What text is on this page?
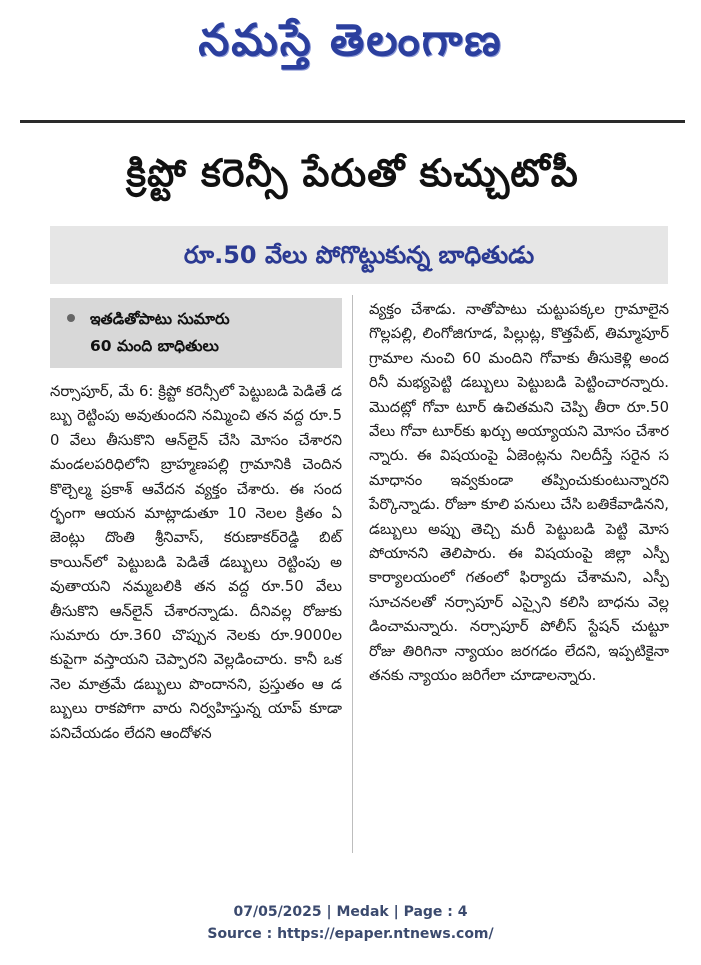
నమస్తే తెలంగాణ
క్రిప్టో కరెన్సీ పేరుతో కుచ్చుటోపీ
రూ.50 వేలు పోగొట్టుకున్న బాధితుడు
ఇతడితోపాటు సుమారు
60 మంది బాధితులు
నర్సాపూర్, మే 6: క్రిప్టో కరెన్సీలో పెట్టుబడి పెడితే డబ్బు రెట్టింపు అవుతుందని నమ్మించి తన వద్ద రూ.50 వేలు తీసుకొని ఆన్‌లైన్ చేసి మోసం చేశారని మండలపరిధిలోని బ్రాహ్మణపల్లి గ్రామానికి చెందిన కొల్చెల్మ ప్రకాశ్ ఆవేదన వ్యక్తం చేశారు. ఈ సందర్భంగా ఆయన మాట్లాడుతూ 10 నెలల క్రితం ఏజెంట్లు దొంతి శ్రీనివాస్, కరుణాకర్‌రెడ్డి బిట్ కాయిన్‌లో పెట్టుబడి పెడితే డబ్బులు రెట్టింపు అవుతాయని నమ్మబలికి తన వద్ద రూ.50 వేలు తీసుకొని ఆన్‌లైన్ చేశారన్నాడు. దీనివల్ల రోజుకు సుమారు రూ.360 చొప్పున నెలకు రూ.9000లకుపైగా వస్తాయని చెప్పారని వెల్లడించారు. కానీ ఒక నెల మాత్రమే డబ్బులు పొందానని, ప్రస్తుతం ఆ డబ్బులు రాకపోగా వారు నిర్వహిస్తున్న యాప్ కూడా పనిచేయడం లేదని ఆందోళన
వ్యక్తం చేశాడు. నాతోపాటు చుట్టుపక్కల గ్రామాలైన గొల్లపల్లి, లింగోజిగూడ, పిల్లుట్ల, కొత్తపేట్, తిమ్మాపూర్ గ్రామాల నుంచి 60 మందిని గోవాకు తీసుకెళ్లి అందరినీ మభ్యపెట్టి డబ్బులు పెట్టుబడి పెట్టించారన్నారు. మొదట్లో గోవా టూర్ ఉచితమని చెప్పి తీరా రూ.50 వేలు గోవా టూర్‌కు ఖర్చు అయ్యాయని మోసం చేశారన్నారు. ఈ విషయంపై ఏజెంట్లను నిలదీస్తే సరైన సమాధానం ఇవ్వకుండా తప్పించుకుంటున్నారని పేర్కొన్నాడు. రోజూ కూలి పనులు చేసి బతికేవాడినని, డబ్బులు అప్పు తెచ్చి మరీ పెట్టుబడి పెట్టి మోసపోయానని తెలిపారు. ఈ విషయంపై జిల్లా ఎస్పీ కార్యాలయంలో గతంలో ఫిర్యాదు చేశామని, ఎస్పీ సూచనలతో నర్సాపూర్ ఎస్సైని కలిసి బాధను వెల్లడించామన్నారు. నర్సాపూర్ పోలీస్ స్టేషన్ చుట్టూ రోజు తిరిగినా న్యాయం జరగడం లేదని, ఇప్పటికైనా తనకు న్యాయం జరిగేలా చూడాలన్నారు.
07/05/2025 | Medak | Page : 4
Source : https://epaper.ntnews.com/
